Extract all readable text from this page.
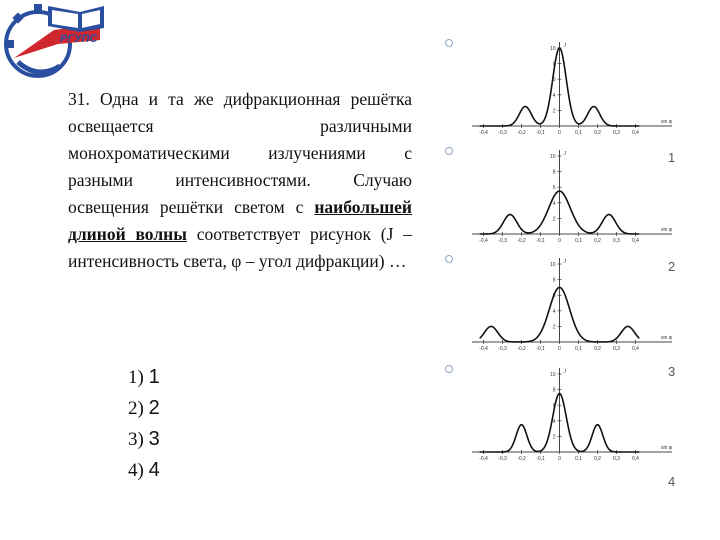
РГУПС
31. Одна и та же дифракционная решётка освещается различными монохроматическими излучениями с разными интенсивностями. Случаю освещения решётки светом с наибольшей длиной волны соответствует рисунок (J – интенсивность света, φ – угол дифракции) …
1) 1
2) 2
3) 3
4) 4
10
8
6
4
2
-0,4 -0,3 -0,2 -0,1	0	0,1 0,2 0,3 0,4
J
sin φ
10
8
6
4
2
-0,4 -0,3 -0,2 -0,1	0	0,1 0,2 0,3 0,4
J
sin φ
10
8
6
4
2
-0,4 -0,3 -0,2 -0,1	0	0,1 0,2 0,3 0,4
J
sin φ
10
8
6
4
2
-0,4 -0,3 -0,2 -0,1	0	0,1 0,2 0,3 0,4
J
sin φ
1
2
3
4
